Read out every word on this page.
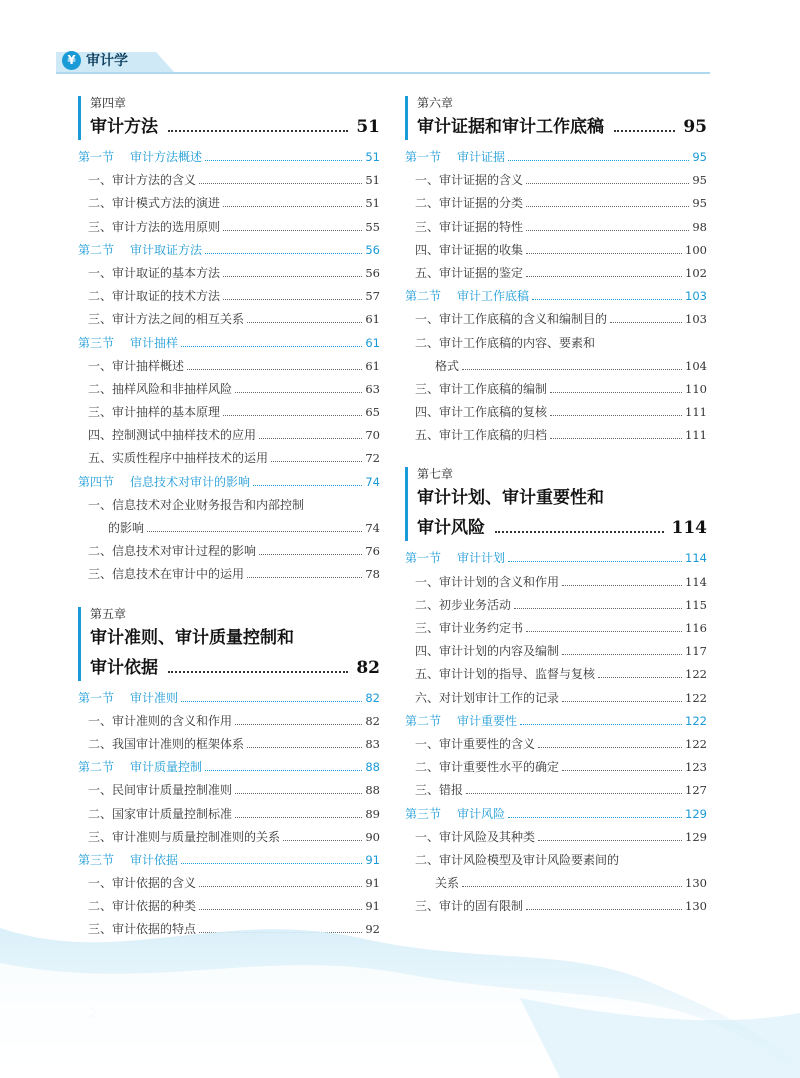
¥ 审计学
第四章
审计方法	51
第一节 审计方法概述	51
一、审计方法的含义	51
二、审计模式方法的演进	51
三、审计方法的选用原则	55
第二节 审计取证方法	56
一、审计取证的基本方法	56
二、审计取证的技术方法	57
三、审计方法之间的相互关系	61
第三节 审计抽样	61
一、审计抽样概述	61
二、抽样风险和非抽样风险	63
三、审计抽样的基本原理	65
四、控制测试中抽样技术的应用	70
五、实质性程序中抽样技术的运用	72
第四节 信息技术对审计的影响	74
一、信息技术对企业财务报告和内部控制
的影响	74
二、信息技术对审计过程的影响	76
三、信息技术在审计中的运用	78
第五章
审计准则、审计质量控制和
审计依据	82
第一节 审计准则	82
一、审计准则的含义和作用	82
二、我国审计准则的框架体系	83
第二节 审计质量控制	88
一、民间审计质量控制准则	88
二、国家审计质量控制标准	89
三、审计准则与质量控制准则的关系	90
第三节 审计依据	91
一、审计依据的含义	91
二、审计依据的种类	91
三、审计依据的特点	92
第六章
审计证据和审计工作底稿	95
第一节 审计证据	95
一、审计证据的含义	95
二、审计证据的分类	95
三、审计证据的特性	98
四、审计证据的收集	100
五、审计证据的鉴定	102
第二节 审计工作底稿	103
一、审计工作底稿的含义和编制目的	103
二、审计工作底稿的内容、要素和
格式	104
三、审计工作底稿的编制	110
四、审计工作底稿的复核	111
五、审计工作底稿的归档	111
第七章
审计计划、审计重要性和
审计风险	114
第一节 审计计划	114
一、审计计划的含义和作用	114
二、初步业务活动	115
三、审计业务约定书	116
四、审计计划的内容及编制	117
五、审计计划的指导、监督与复核	122
六、对计划审计工作的记录	122
第二节 审计重要性	122
一、审计重要性的含义	122
二、审计重要性水平的确定	123
三、错报	127
第三节 审计风险	129
一、审计风险及其种类	129
二、审计风险模型及审计风险要素间的
关系	130
三、审计的固有限制	130
